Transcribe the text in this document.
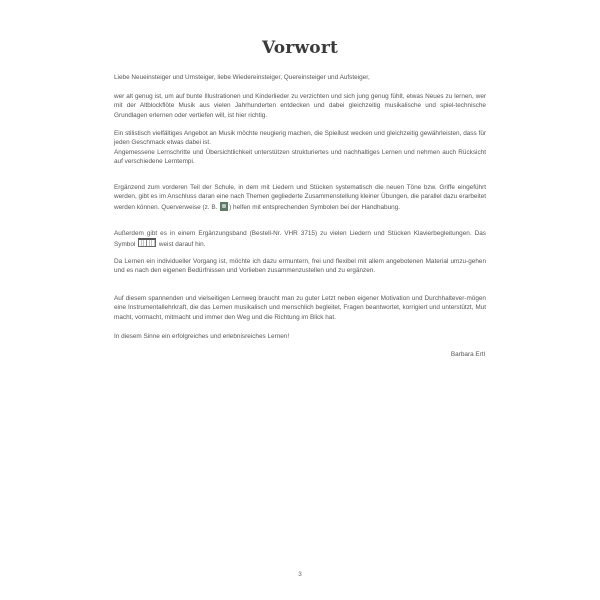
Vorwort

Liebe Neueinsteiger und Umsteiger, liebe Wiedereinsteiger, Quereinsteiger und Aufsteiger,

wer alt genug ist, um auf bunte Illustrationen und Kinderlieder zu verzichten und sich jung genug fühlt, etwas Neues zu lernen, wer mit der Altblockflöte Musik aus vielen Jahrhunderten entdecken und dabei gleichzeitig musikalische und spiel-technische Grundlagen erlernen oder vertiefen will, ist hier richtig.

Ein stilistisch vielfältiges Angebot an Musik möchte neugierig machen, die Spiellust wecken und gleichzeitig gewährleisten, dass für jeden Geschmack etwas dabei ist.

Angemessene Lernschritte und Übersichtlichkeit unterstützen strukturiertes und nachhaltiges Lernen und nehmen auch Rücksicht auf verschiedene Lerntempi.

Ergänzend zum vorderen Teil der Schule, in dem mit Liedern und Stücken systematisch die neuen Töne bzw. Griffe eingeführt werden, gibt es im Anschluss daran eine nach Themen gegliederte Zusammenstellung kleiner Übungen, die parallel dazu erarbeitet werden können. Querverweise (z. B. ) helfen mit entsprechenden Symbolen bei der Handhabung.

Außerdem gibt es in einem Ergänzungsband (Bestell-Nr. VHR 3715) zu vielen Liedern und Stücken Klavierbegleitungen. Das Symbol	weist darauf hin.

Da Lernen ein individueller Vorgang ist, möchte ich dazu ermuntern, frei und flexibel mit allem angebotenen Material umzu-gehen und es nach den eigenen Bedürfnissen und Vorlieben zusammenzustellen und zu ergänzen.

Auf diesem spannenden und vielseitigen Lernweg braucht man zu guter Letzt neben eigener Motivation und Durchhaltever-mögen eine Instrumentallehrkraft, die das Lernen musikalisch und menschlich begleitet, Fragen beantwortet, korrigiert und unterstützt, Mut macht, vormacht, mitmacht und immer den Weg und die Richtung im Blick hat.

In diesem Sinne ein erfolgreiches und erlebnisreiches Lernen!

Barbara Ertl
3
